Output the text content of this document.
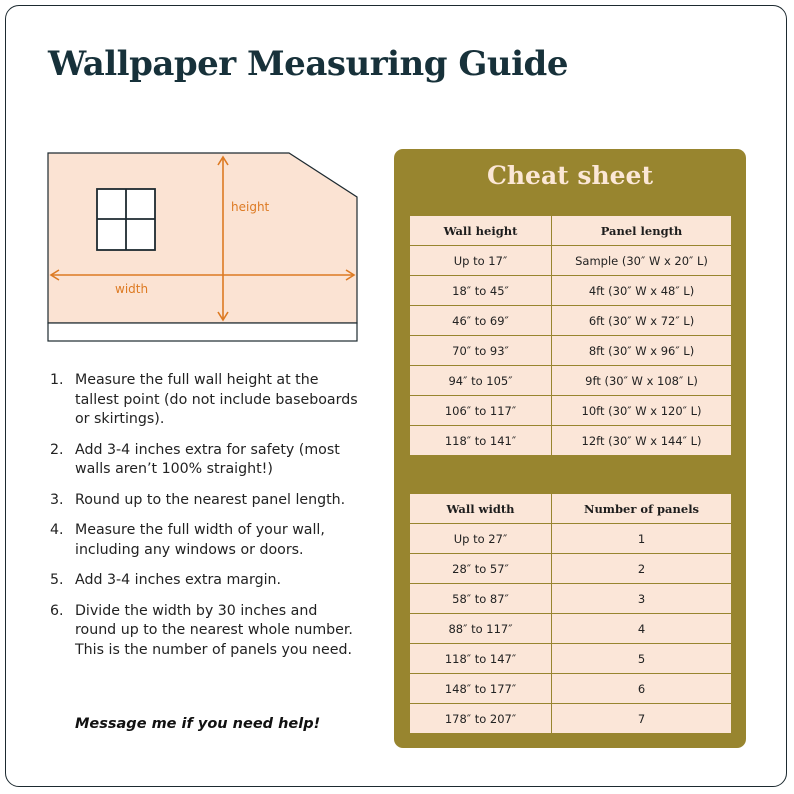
Wallpaper Measuring Guide
height
width
1. Measure the full wall height at the tallest point (do not include baseboards or skirtings).
2. Add 3-4 inches extra for safety (most walls aren’t 100% straight!)
3. Round up to the nearest panel length.
4. Measure the full width of your wall, including any windows or doors.
5. Add 3-4 inches extra margin.
6. Divide the width by 30 inches and round up to the nearest whole number. This is the number of panels you need.

Message me if you need help!

Cheat sheet
Wall height	Panel length
Up to 17″	Sample (30″ W x 20″ L)
18″ to 45″	4ft (30″ W x 48″ L)
46″ to 69″	6ft (30″ W x 72″ L)
70″ to 93″	8ft (30″ W x 96″ L)
94″ to 105″	9ft (30″ W x 108″ L)
106″ to 117″	10ft (30″ W x 120″ L)
118″ to 141″	12ft (30″ W x 144″ L)
Wall width	Number of panels
Up to 27″	1
28″ to 57″	2
58″ to 87″	3
88″ to 117″	4
118″ to 147″	5
148″ to 177″	6
178″ to 207″	7
